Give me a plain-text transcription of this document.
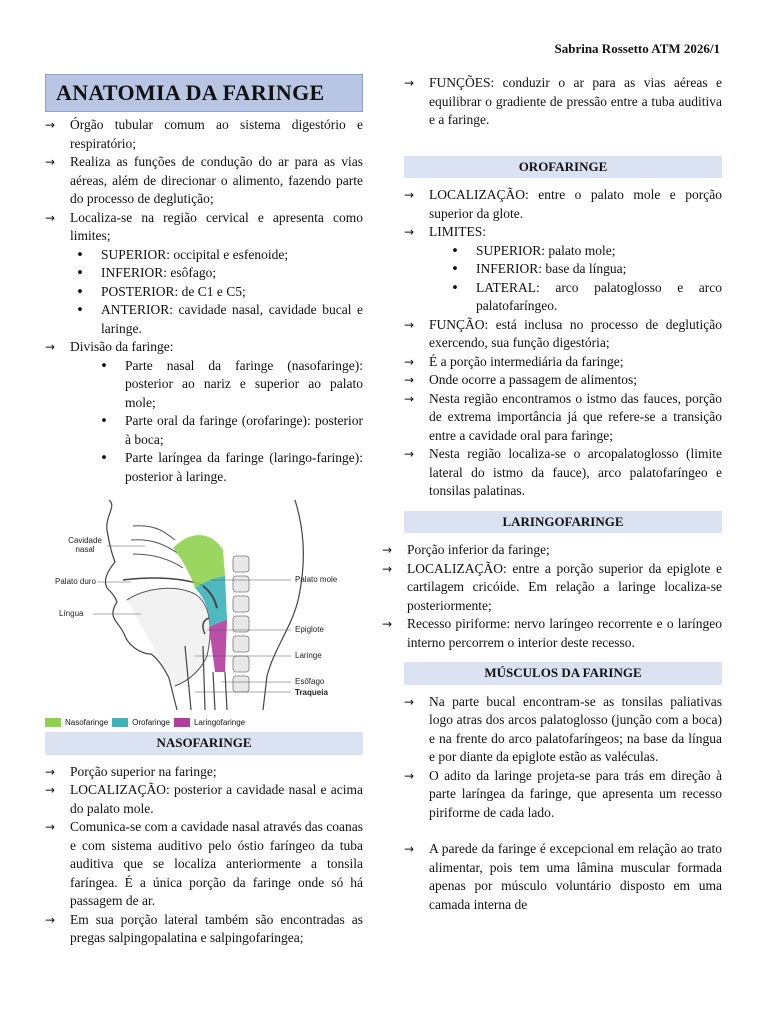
Sabrina Rossetto ATM 2026/1
ANATOMIA DA FARINGE
→	Órgão tubular comum ao sistema digestório e respiratório;
→	Realiza as funções de condução do ar para as vias aéreas, além de direcionar o alimento, fazendo parte do processo de deglutição;
→	Localiza-se na região cervical e apresenta como limites;
• SUPERIOR: occipital e esfenoide;
• INFERIOR: esôfago;
• POSTERIOR: de C1 e C5;
• ANTERIOR: cavidade nasal, cavidade bucal e laringe.
→	Divisão da faringe:
• Parte nasal da faringe (nasofaringe): posterior ao nariz e superior ao palato mole;
• Parte oral da faringe (orofaringe): posterior à boca;
• Parte laríngea da faringe (laringo-faringe): posterior à laringe.
Cavidade nasal
Palato duro
Língua
Palato mole
Epiglote
Laringe
Esôfago
Traqueia
Nasofaringe	Orofaringe	Laringofaringe
NASOFARINGE
→	Porção superior na faringe;
→	LOCALIZAÇÃO: posterior a cavidade nasal e acima do palato mole.
→	Comunica-se com a cavidade nasal através das coanas e com sistema auditivo pelo óstio faríngeo da tuba auditiva que se localiza anteriormente a tonsila faríngea. É a única porção da faringe onde só há passagem de ar.
→	Em sua porção lateral também são encontradas as pregas salpingopalatina e salpingofaringea;
→	FUNÇÕES: conduzir o ar para as vias aéreas e equilibrar o gradiente de pressão entre a tuba auditiva e a faringe.
OROFARINGE
→	LOCALIZAÇÃO: entre o palato mole e porção superior da glote.
→	LIMITES:
• SUPERIOR: palato mole;
• INFERIOR: base da língua;
• LATERAL: arco palatoglosso e arco palatofaríngeo.
→	FUNÇÃO: está inclusa no processo de deglutição exercendo, sua função digestória;
→	É a porção intermediária da faringe;
→	Onde ocorre a passagem de alimentos;
→	Nesta região encontramos o istmo das fauces, porção de extrema importância já que refere-se a transição entre a cavidade oral para faringe;
→	Nesta região localiza-se o arcopalatoglosso (limite lateral do istmo da fauce), arco palatofaríngeo e tonsilas palatinas.
LARINGOFARINGE
→	Porção inferior da faringe;
→	LOCALIZAÇÃO: entre a porção superior da epiglote e cartilagem cricóide. Em relação a laringe localiza-se posteriormente;
→	Recesso piriforme: nervo laríngeo recorrente e o laríngeo interno percorrem o interior deste recesso.
MÚSCULOS DA FARINGE
→	Na parte bucal encontram-se as tonsilas paliativas logo atras dos arcos palatoglosso (junção com a boca) e na frente do arco palatofaríngeos; na base da língua e por diante da epiglote estão as valéculas.
→	O adito da laringe projeta-se para trás em direção à parte laríngea da faringe, que apresenta um recesso piriforme de cada lado.
→	A parede da faringe é excepcional em relação ao trato alimentar, pois tem uma lâmina muscular formada apenas por músculo voluntário disposto em uma camada interna de
